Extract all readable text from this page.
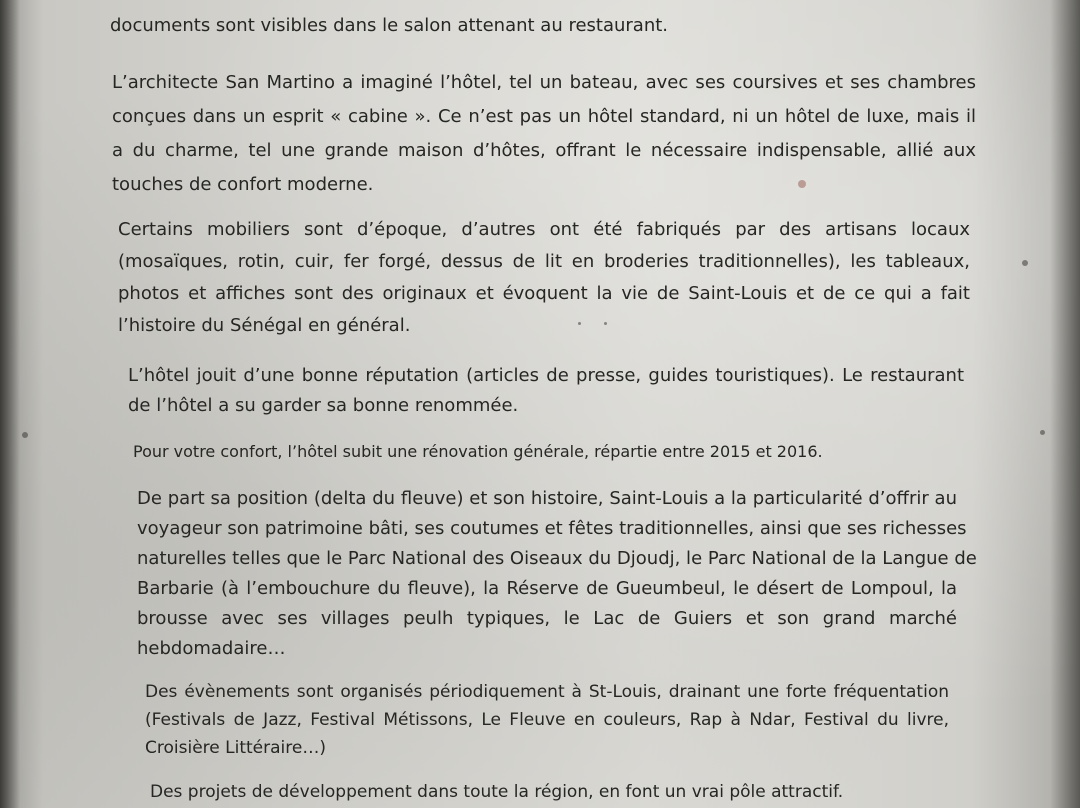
documents sont visibles dans le salon attenant au restaurant.
L’architecte San Martino a imaginé l’hôtel, tel un bateau, avec ses coursives et ses chambres
conçues dans un esprit « cabine ». Ce n’est pas un hôtel standard, ni un hôtel de luxe, mais il
a du charme, tel une grande maison d’hôtes, offrant le nécessaire indispensable, allié aux
touches de confort moderne.
Certains mobiliers sont d’époque, d’autres ont été fabriqués par des artisans locaux
(mosaïques, rotin, cuir, fer forgé, dessus de lit en broderies traditionnelles), les tableaux,
photos et affiches sont des originaux et évoquent la vie de Saint-Louis et de ce qui a fait
l’histoire du Sénégal en général.
L’hôtel jouit d’une bonne réputation (articles de presse, guides touristiques). Le restaurant
de l’hôtel a su garder sa bonne renommée.
Pour votre confort, l’hôtel subit une rénovation générale, répartie entre 2015 et 2016.
De part sa position (delta du fleuve) et son histoire, Saint-Louis a la particularité d’offrir au
voyageur son patrimoine bâti, ses coutumes et fêtes traditionnelles, ainsi que ses richesses
naturelles telles que le Parc National des Oiseaux du Djoudj, le Parc National de la Langue de
Barbarie (à l’embouchure du fleuve), la Réserve de Gueumbeul, le désert de Lompoul, la
brousse avec ses villages peulh typiques, le Lac de Guiers et son grand marché
hebdomadaire…
Des évènements sont organisés périodiquement à St-Louis, drainant une forte fréquentation
(Festivals de Jazz, Festival Métissons, Le Fleuve en couleurs, Rap à Ndar, Festival du livre,
Croisière Littéraire…)
Des projets de développement dans toute la région, en font un vrai pôle attractif.
